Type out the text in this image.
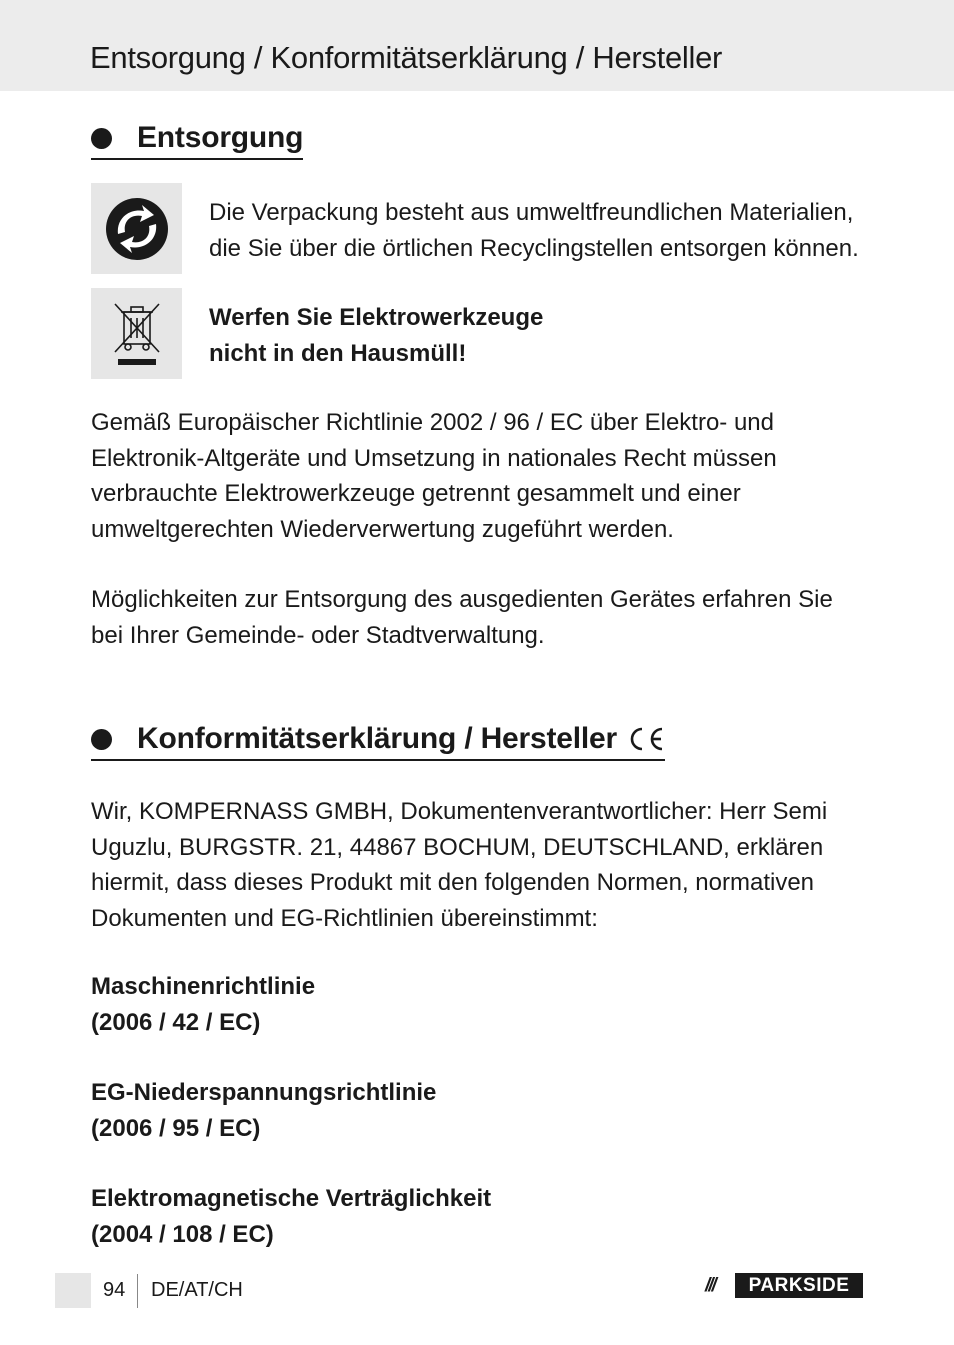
Entsorgung / Konformitätserklärung / Hersteller
Entsorgung
Die Verpackung besteht aus umweltfreundlichen Materialien, die Sie über die örtlichen Recyclingstellen entsorgen können.
Werfen Sie Elektrowerkzeuge
nicht in den Hausmüll!
Gemäß Europäischer Richtlinie 2002 / 96 / EC über Elektro- und Elektronik-Altgeräte und Umsetzung in nationales Recht müssen verbrauchte Elektrowerkzeuge getrennt gesammelt und einer umweltgerechten Wiederverwertung zugeführt werden.
Möglichkeiten zur Entsorgung des ausgedienten Gerätes erfahren Sie bei Ihrer Gemeinde- oder Stadtverwaltung.
Konformitätserklärung / Hersteller
Wir, KOMPERNASS GMBH, Dokumentenverantwortlicher: Herr Semi Uguzlu, BURGSTR. 21, 44867 BOCHUM, DEUTSCHLAND, erklären hiermit, dass dieses Produkt mit den folgenden Normen, normativen Dokumenten und EG-Richtlinien übereinstimmt:
Maschinenrichtlinie
(2006 / 42 / EC)
EG-Niederspannungsrichtlinie
(2006 / 95 / EC)
Elektromagnetische Verträglichkeit
(2004 / 108 / EC)
94 DE/AT/CH	///	PARKSIDE
